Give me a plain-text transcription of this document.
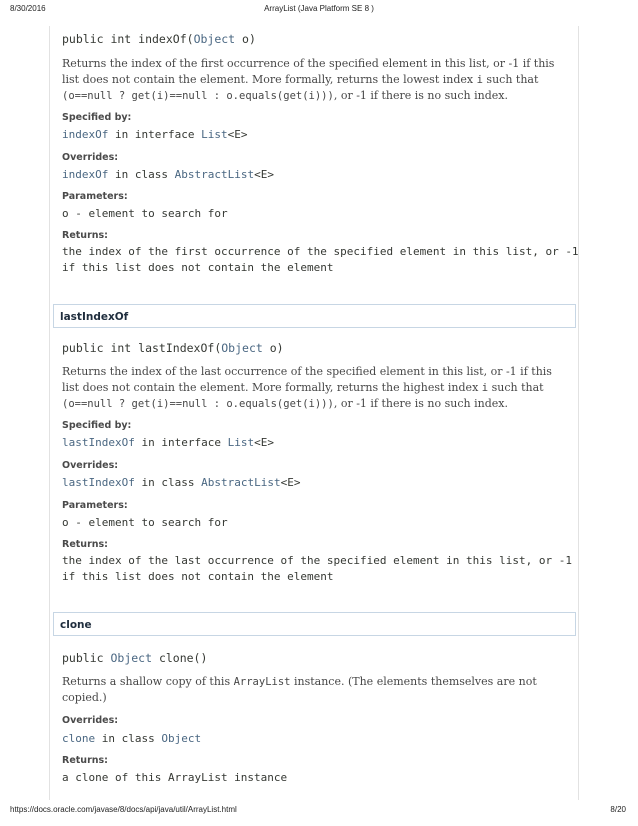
8/30/2016	ArrayList (Java Platform SE 8 )
public int indexOf(Object o)
Returns the index of the first occurrence of the specified element in this list, or -1 if this
list does not contain the element. More formally, returns the lowest index i such that
(o==null ? get(i)==null : o.equals(get(i))), or -1 if there is no such index.
Specified by:
indexOf in interface List<E>
Overrides:
indexOf in class AbstractList<E>
Parameters:
o - element to search for
Returns:
the index of the first occurrence of the specified element in this list, or -1
if this list does not contain the element
lastIndexOf
public int lastIndexOf(Object o)
Returns the index of the last occurrence of the specified element in this list, or -1 if this
list does not contain the element. More formally, returns the highest index i such that
(o==null ? get(i)==null : o.equals(get(i))), or -1 if there is no such index.
Specified by:
lastIndexOf in interface List<E>
Overrides:
lastIndexOf in class AbstractList<E>
Parameters:
o - element to search for
Returns:
the index of the last occurrence of the specified element in this list, or -1
if this list does not contain the element
clone
public Object clone()
Returns a shallow copy of this ArrayList instance. (The elements themselves are not
copied.)
Overrides:
clone in class Object
Returns:
a clone of this ArrayList instance
https://docs.oracle.com/javase/8/docs/api/java/util/ArrayList.html	8/20
